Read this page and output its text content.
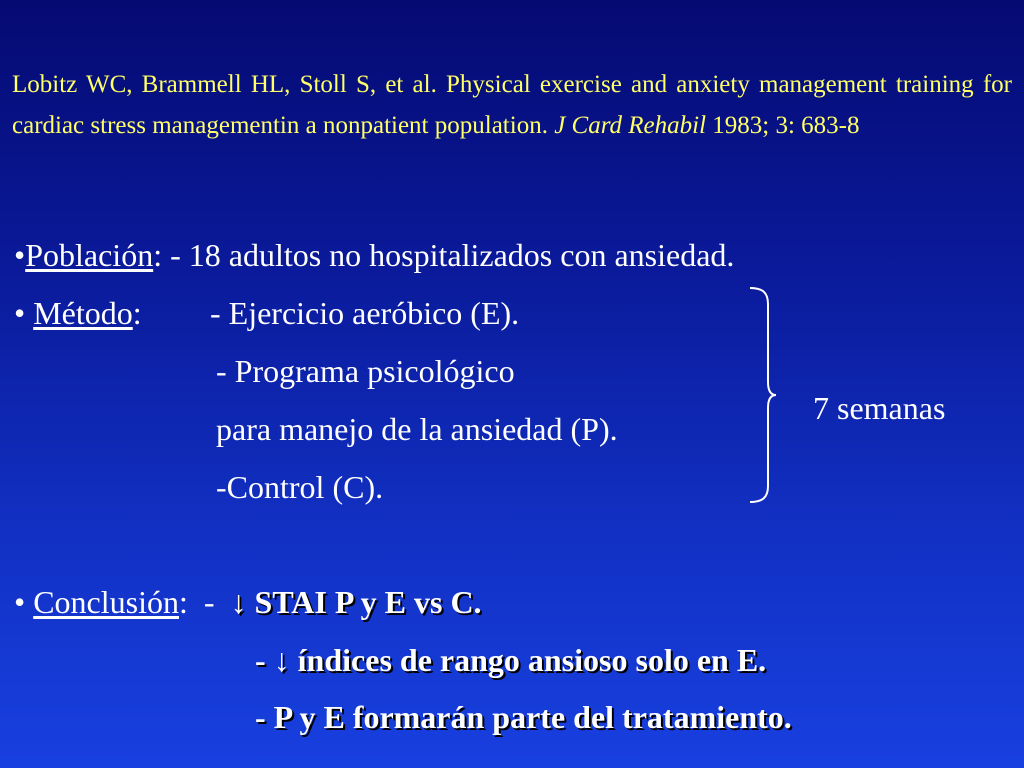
Lobitz WC, Brammell HL, Stoll S, et al. Physical exercise and anxiety management training for cardiac stress managementin a nonpatient population. J Card Rehabil 1983; 3: 683-8
•Población: - 18 adultos no hospitalizados con ansiedad.
• Método: - Ejercicio aeróbico (E).
- Programa psicológico
para manejo de la ansiedad (P).
-Control (C).
7 semanas
• Conclusión:  -  ↓ STAI P y E vs C.
- ↓ índices de rango ansioso solo en E.
- P y E formarán parte del tratamiento.
